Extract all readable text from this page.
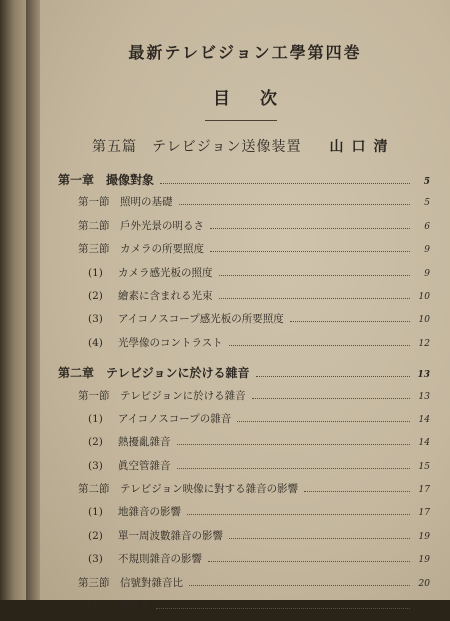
最新テレビジョン工學第四巻
目次
第五篇　テレビジョン送像装置 山口清
第一章 撮像對象	5
第一節	照明の基礎	5
第二節	戶外光景の明るさ	6
第三節	カメラの所要照度	9
(1)	カメラ感光板の照度	9
(2)	繪素に含まれる光束	10
(3)	アイコノスコープ感光板の所要照度	10
(4)	光學像のコントラスト	12
第二章 テレビジョンに於ける雜音	13
第一節	テレビジョンに於ける雜音	13
(1)	アイコノスコープの雜音	14
(2)	熱擾亂雜音	14
(3)	眞空管雜音	15
第二節	テレビジョン映像に對する雜音の影響	17
(1)	地雜音の影響	17
(2)	單一周波數雜音の影響	19
(3)	不規則雜音の影響	19
第三節	信號對雜音比	20
(1)	地雜音	21
